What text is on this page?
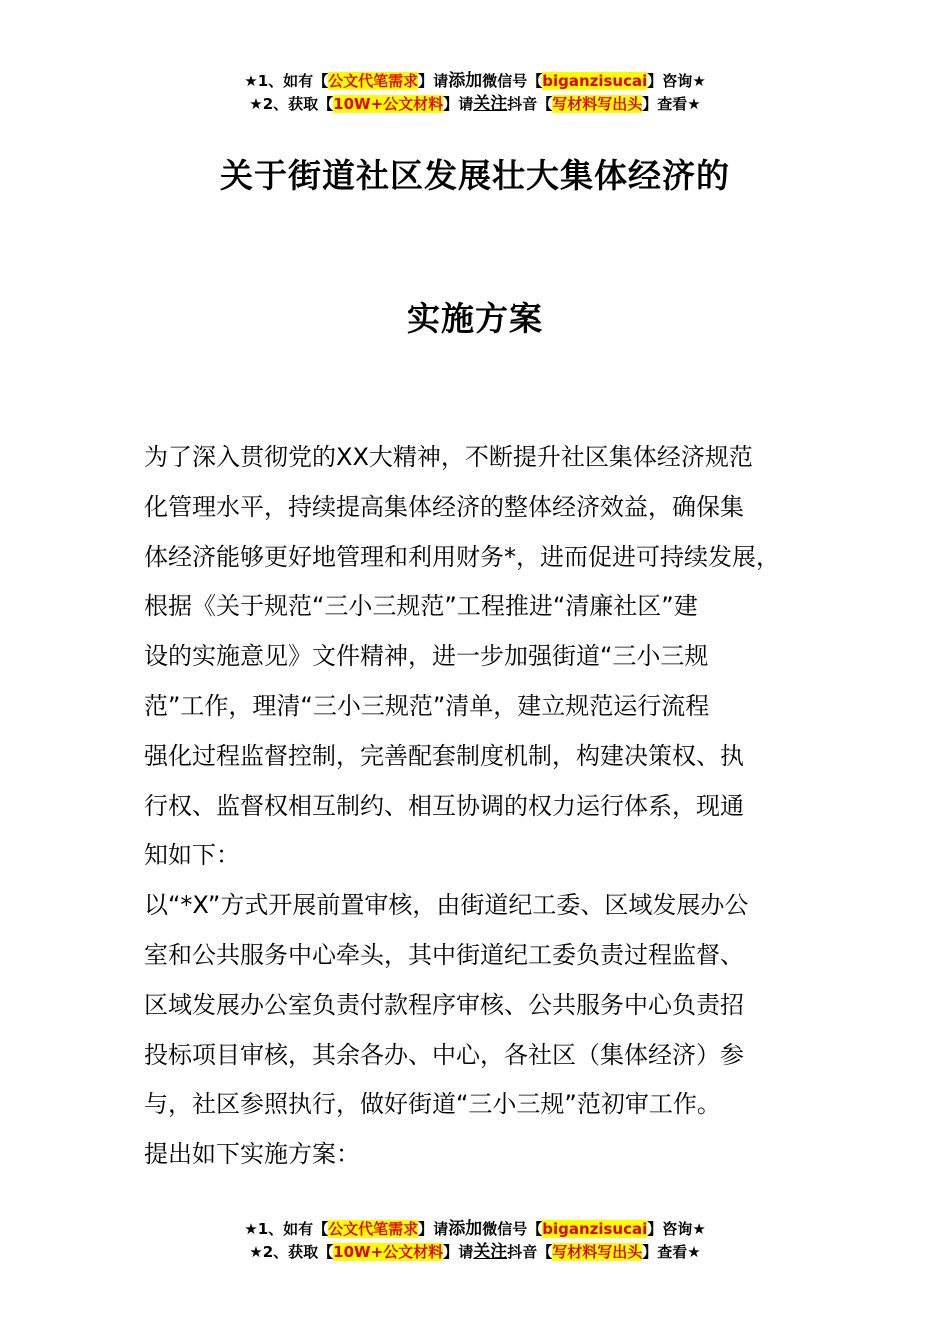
★1、如有【公文代笔需求】请添加微信号【biganzisucai】咨询★
★2、获取【10W+公文材料】请关注抖音【写材料写出头】查看★
关于街道社区发展壮大集体经济的
实施方案

为了深入贯彻党的XX大精神，不断提升社区集体经济规范

化管理水平，持续提高集体经济的整体经济效益，确保集

体经济能够更好地管理和利用财务*，进而促进可持续发展，

根据《关于规范“三小三规范”工程推进“清廉社区”建

设的实施意见》文件精神，进一步加强街道“三小三规

范”工作，理清“三小三规范”清单，建立规范运行流程

强化过程监督控制，完善配套制度机制，构建决策权、执

行权、监督权相互制约、相互协调的权力运行体系，现通

知如下：

以“*X”方式开展前置审核，由街道纪工委、区域发展办公

室和公共服务中心牵头，其中街道纪工委负责过程监督、

区域发展办公室负责付款程序审核、公共服务中心负责招

投标项目审核，其余各办、中心，各社区（集体经济）参

与，社区参照执行，做好街道“三小三规”范初审工作。

提出如下实施方案：

★1、如有【公文代笔需求】请添加微信号【biganzisucai】咨询★
★2、获取【10W+公文材料】请关注抖音【写材料写出头】查看★
